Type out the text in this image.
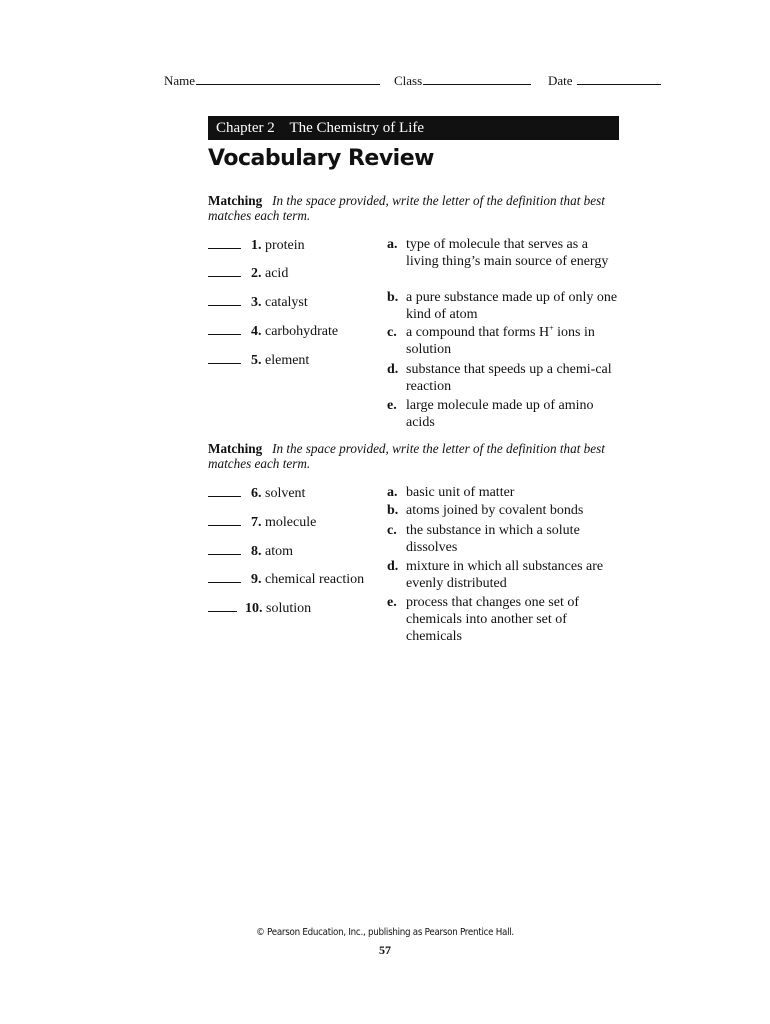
Name	Class	Date
Chapter 2    The Chemistry of Life
Vocabulary Review
Matching In the space provided, write the letter of the definition that best matches each term.
1. protein
2. acid
3. catalyst
4. carbohydrate
5. element
a. type of molecule that serves as a living thing’s main source of energy
b. a pure substance made up of only one kind of atom
c. a compound that forms H+ ions in solution
d. substance that speeds up a chemi-cal reaction
e. large molecule made up of amino acids
Matching In the space provided, write the letter of the definition that best matches each term.
6. solvent
7. molecule
8. atom
9. chemical reaction
10. solution
a. basic unit of matter
b. atoms joined by covalent bonds
c. the substance in which a solute dissolves
d. mixture in which all substances are evenly distributed
e. process that changes one set of chemicals into another set of chemicals
© Pearson Education, Inc., publishing as Pearson Prentice Hall.
57
